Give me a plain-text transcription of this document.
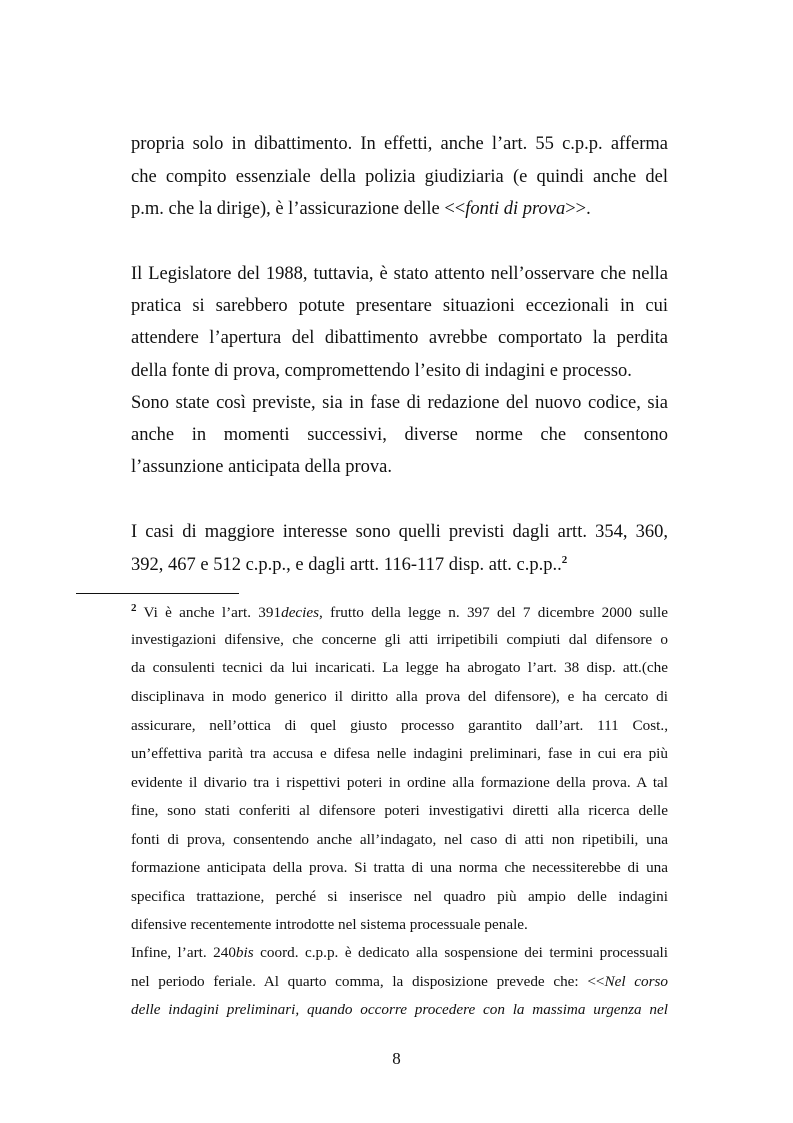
propria solo in dibattimento. In effetti, anche l’art. 55 c.p.p. afferma
che compito essenziale della polizia giudiziaria (e quindi anche del
p.m. che la dirige), è l’assicurazione delle <<fonti di prova>>.
Il Legislatore del 1988, tuttavia, è stato attento nell’osservare che nella
pratica si sarebbero potute presentare situazioni eccezionali in cui
attendere l’apertura del dibattimento avrebbe comportato la perdita
della fonte di prova, compromettendo l’esito di indagini e processo.
Sono state così previste, sia in fase di redazione del nuovo codice, sia
anche in momenti successivi, diverse norme che consentono
l’assunzione anticipata della prova.
I casi di maggiore interesse sono quelli previsti dagli artt. 354, 360,
392, 467 e 512 c.p.p., e dagli artt. 116-117 disp. att. c.p.p..$^2$
$^2$ Vi è anche l’art. 391decies, frutto della legge n. 397 del 7 dicembre 2000 sulle
investigazioni difensive, che concerne gli atti irripetibili compiuti dal difensore o
da consulenti tecnici da lui incaricati. La legge ha abrogato l’art. 38 disp. att.(che
disciplinava in modo generico il diritto alla prova del difensore), e ha cercato di
assicurare, nell’ottica di quel giusto processo garantito dall’art. 111 Cost.,
un’effettiva parità tra accusa e difesa nelle indagini preliminari, fase in cui era più
evidente il divario tra i rispettivi poteri in ordine alla formazione della prova. A tal
fine, sono stati conferiti al difensore poteri investigativi diretti alla ricerca delle
fonti di prova, consentendo anche all’indagato, nel caso di atti non ripetibili, una
formazione anticipata della prova. Si tratta di una norma che necessiterebbe di una
specifica trattazione, perché si inserisce nel quadro più ampio delle indagini
difensive recentemente introdotte nel sistema processuale penale.
Infine, l’art. 240bis coord. c.p.p. è dedicato alla sospensione dei termini processuali
nel periodo feriale. Al quarto comma, la disposizione prevede che: <<Nel corso
delle indagini preliminari, quando occorre procedere con la massima urgenza nel
8
